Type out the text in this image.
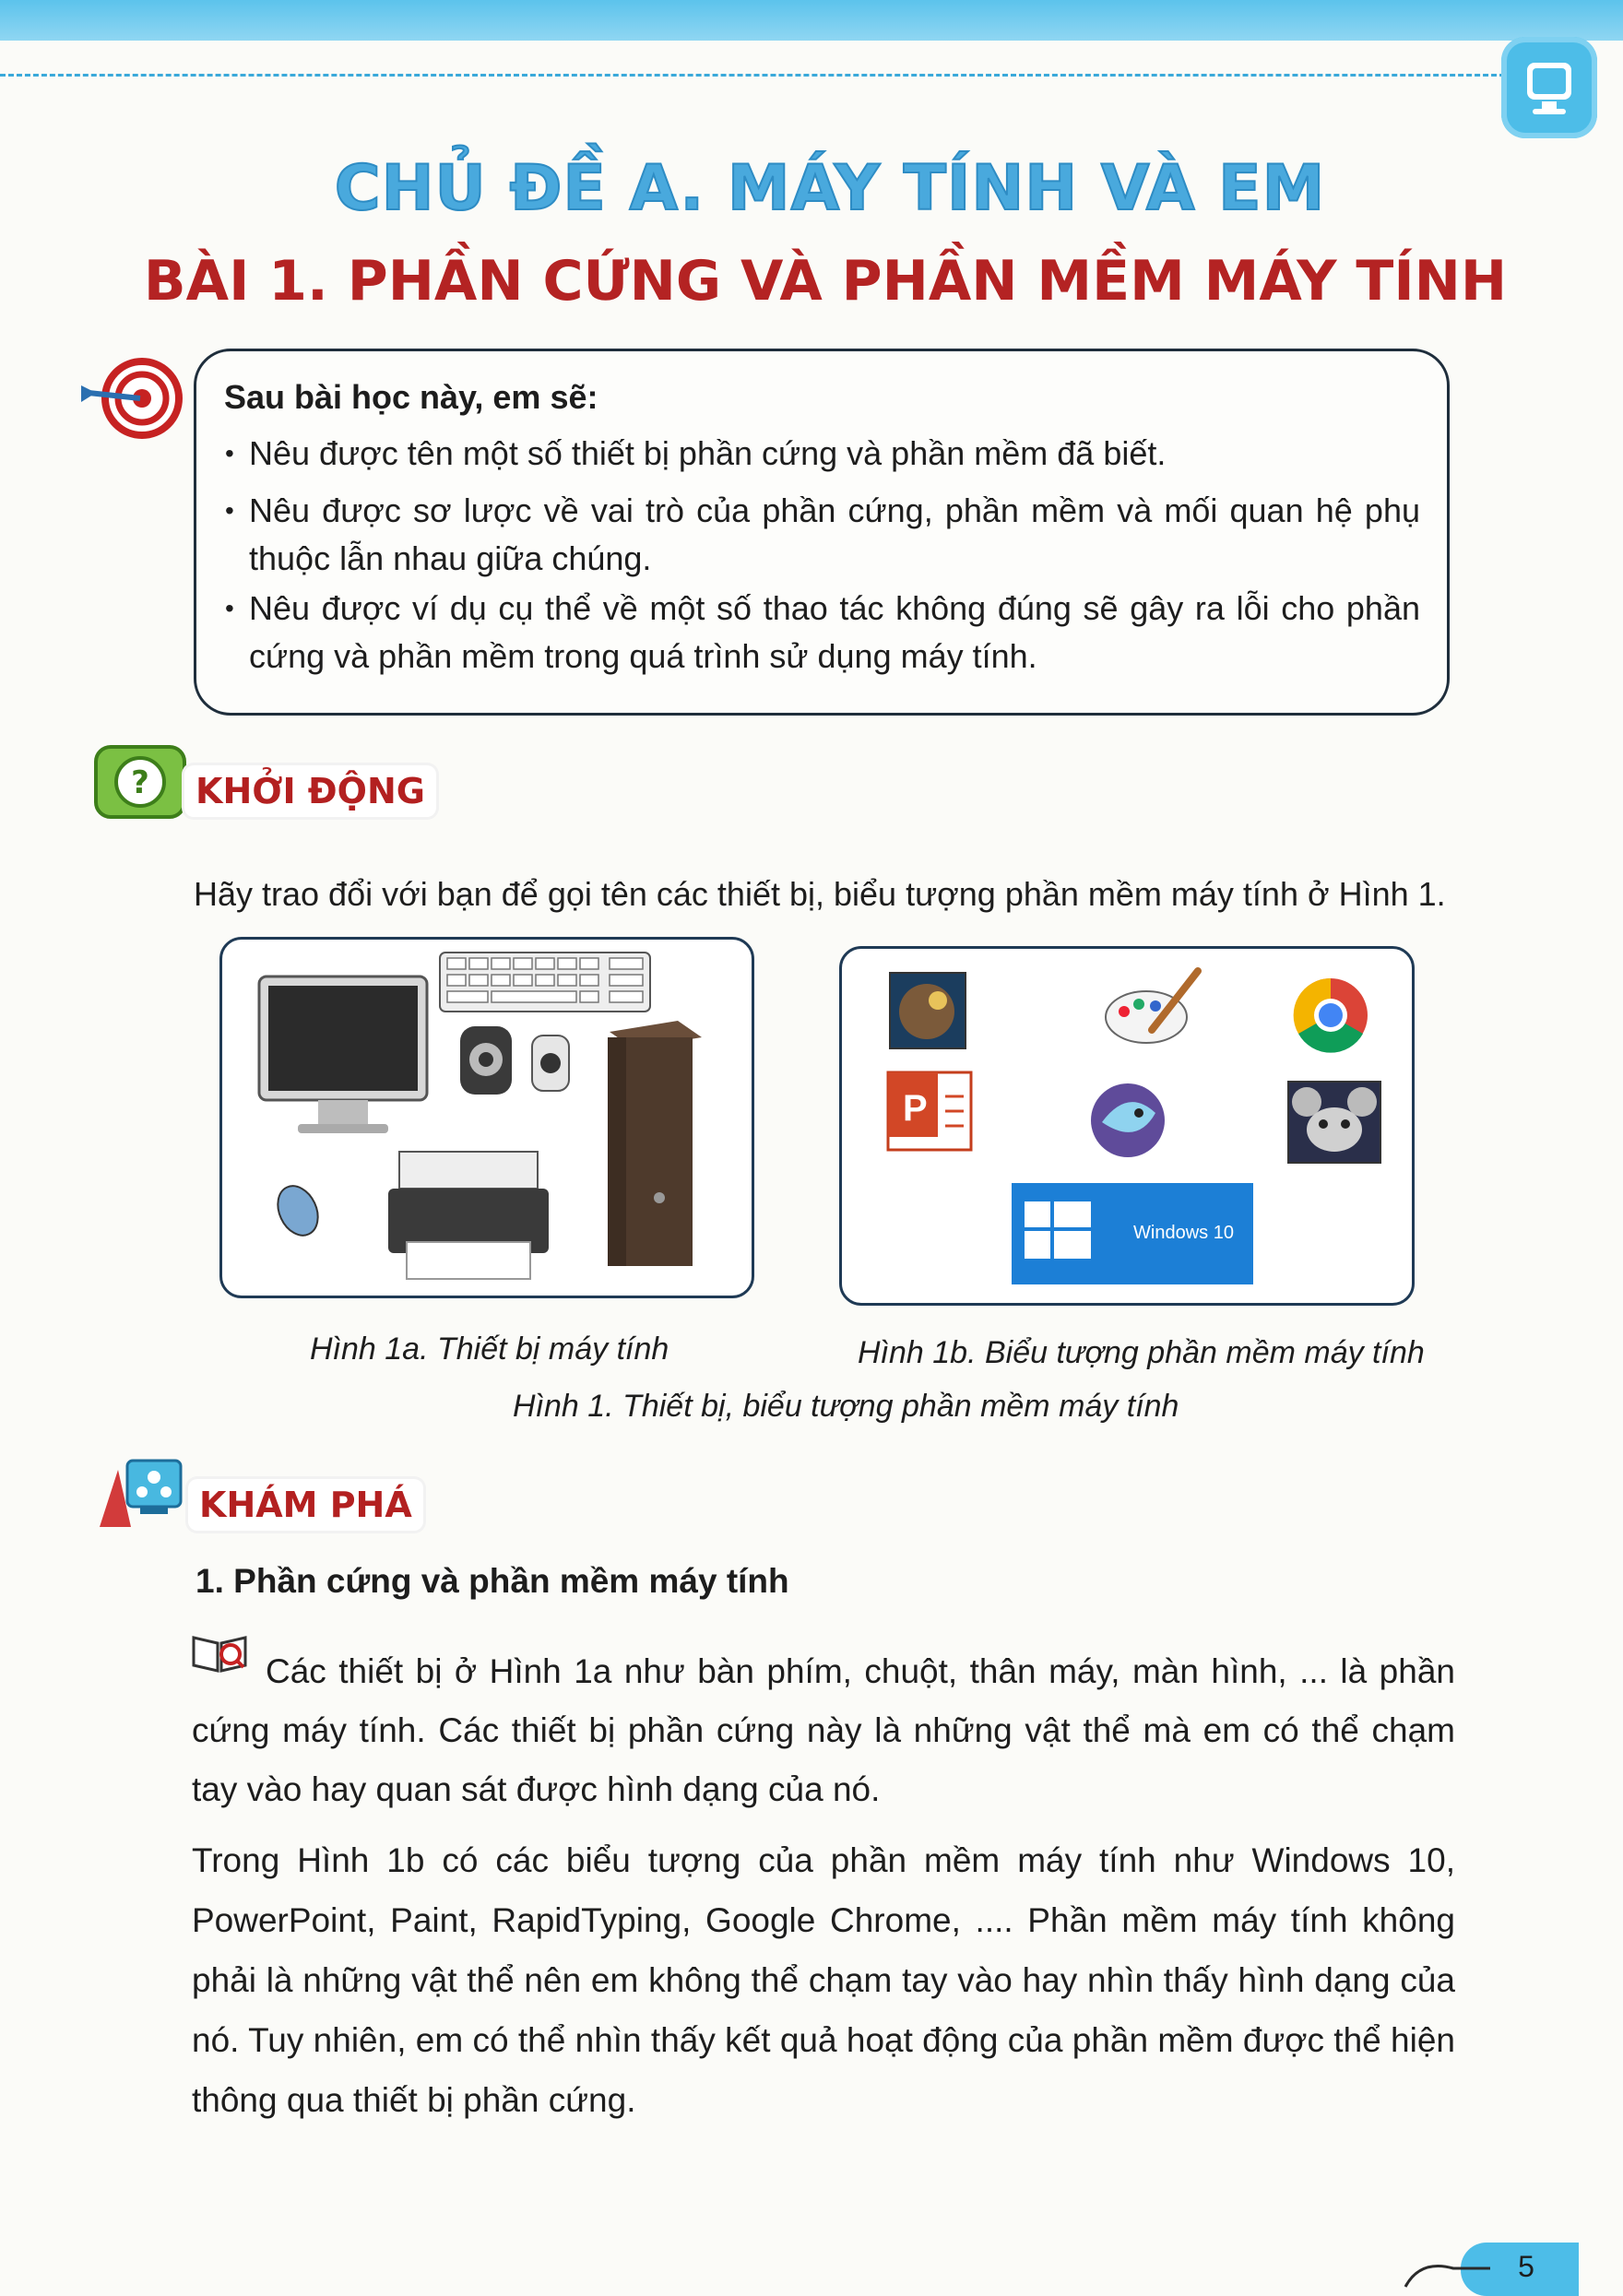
CHỦ ĐỀ A. MÁY TÍNH VÀ EM
BÀI 1. PHẦN CỨNG VÀ PHẦN MỀM MÁY TÍNH
Sau bài học này, em sẽ:
• Nêu được tên một số thiết bị phần cứng và phần mềm đã biết.
• Nêu được sơ lược về vai trò của phần cứng, phần mềm và mối quan hệ phụ thuộc lẫn nhau giữa chúng.
• Nêu được ví dụ cụ thể về một số thao tác không đúng sẽ gây ra lỗi cho phần cứng và phần mềm trong quá trình sử dụng máy tính.
?	KHỞI ĐỘNG
Hãy trao đổi với bạn để gọi tên các thiết bị, biểu tượng phần mềm máy tính ở Hình 1.
P
Windows 10
Hình 1a. Thiết bị máy tính	Hình 1b. Biểu tượng phần mềm máy tính
Hình 1. Thiết bị, biểu tượng phần mềm máy tính
KHÁM PHÁ
1. Phần cứng và phần mềm máy tính
Các thiết bị ở Hình 1a như bàn phím, chuột, thân máy, màn hình, ... là phần cứng máy tính. Các thiết bị phần cứng này là những vật thể mà em có thể chạm tay vào hay quan sát được hình dạng của nó.
Trong Hình 1b có các biểu tượng của phần mềm máy tính như Windows 10, PowerPoint, Paint, RapidTyping, Google Chrome, .... Phần mềm máy tính không phải là những vật thể nên em không thể chạm tay vào hay nhìn thấy hình dạng của nó. Tuy nhiên, em có thể nhìn thấy kết quả hoạt động của phần mềm được thể hiện thông qua thiết bị phần cứng.
5
